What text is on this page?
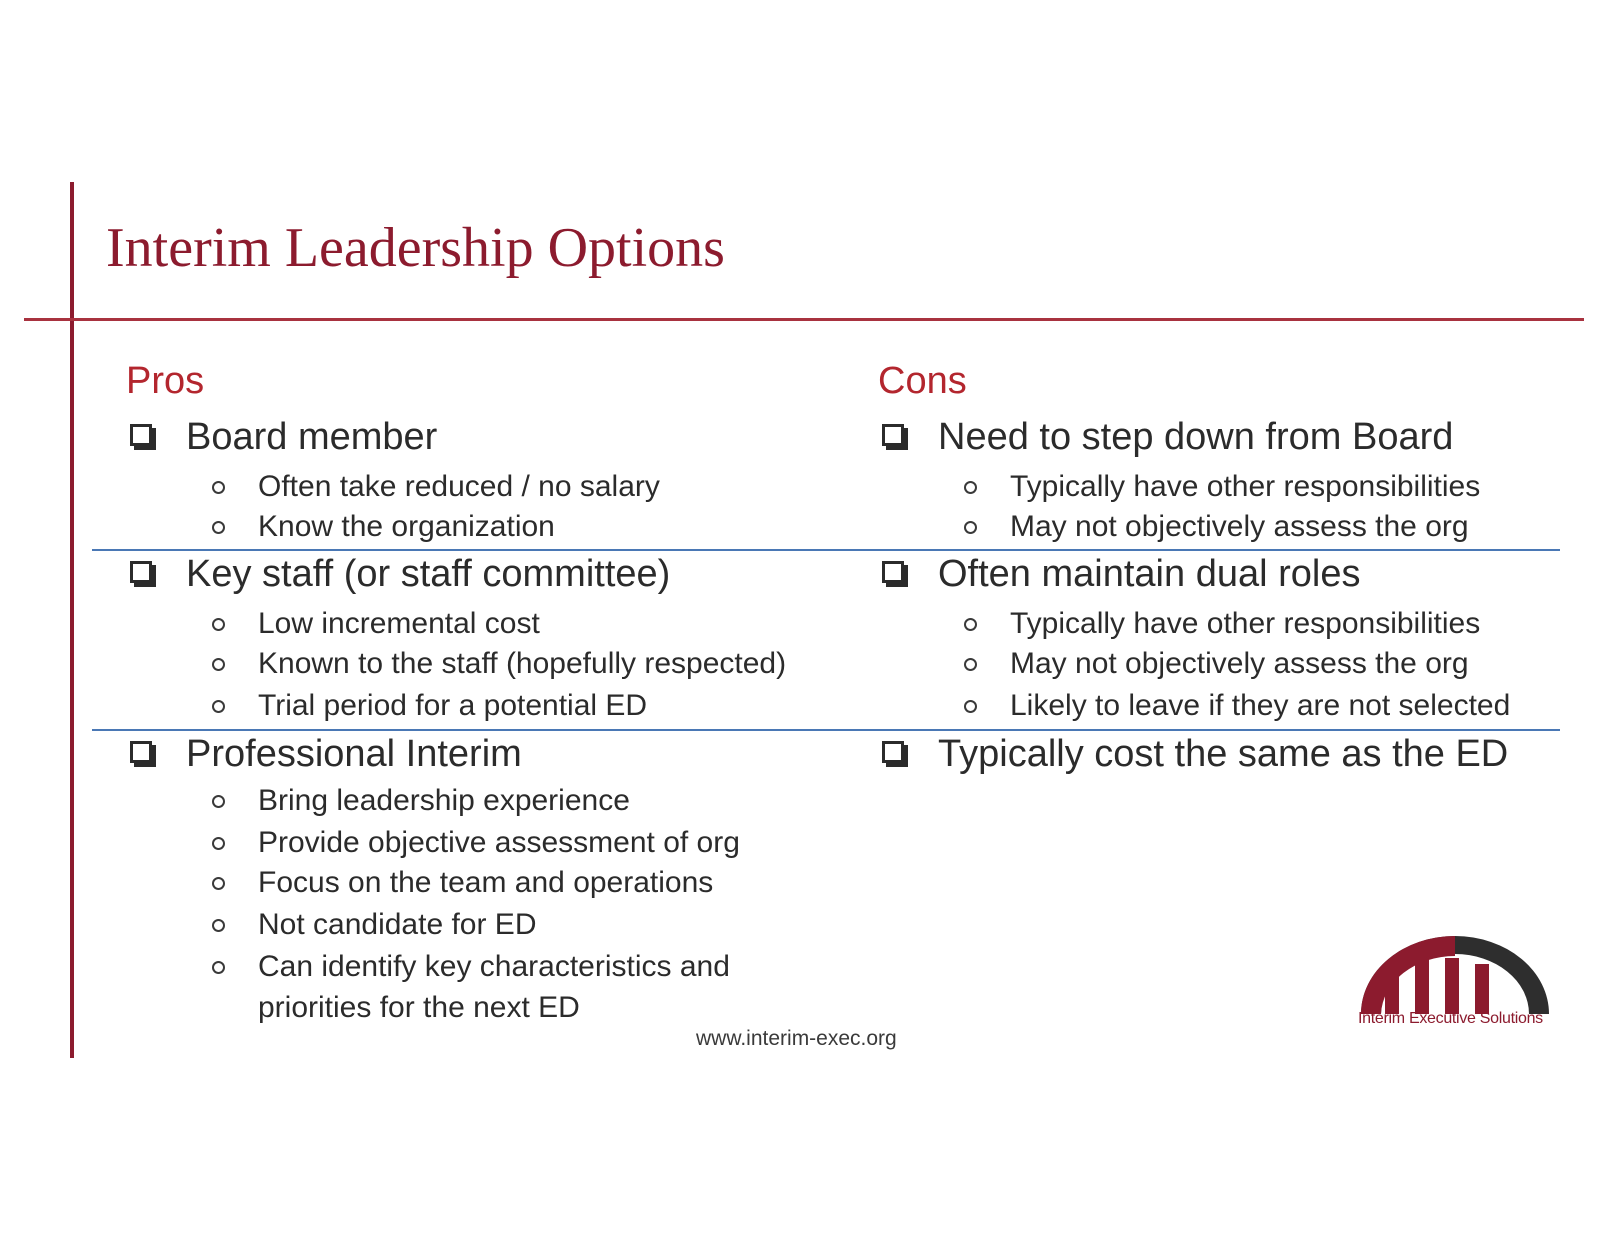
Interim Leadership Options
Pros
Board member
Often take reduced / no salary
Know the organization
Key staff (or staff committee)
Low incremental cost
Known to the staff (hopefully respected)
Trial period for a potential ED
Professional Interim
Bring leadership experience
Provide objective assessment of org
Focus on the team and operations
Not candidate for ED
Can identify key characteristics and
priorities for the next ED
Cons
Need to step down from Board
Typically have other responsibilities
May not objectively assess the org
Often maintain dual roles
Typically have other responsibilities
May not objectively assess the org
Likely to leave if they are not selected
Typically cost the same as the ED
www.interim-exec.org
Interim Executive Solutions
